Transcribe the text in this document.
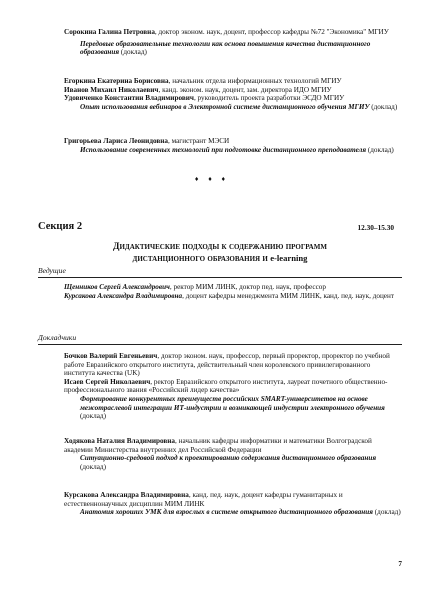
Сорокина Галина Петровна, доктор эконом. наук, доцент, профессор кафедры №72 "Экономика" МГИУ

Передовые образовательные технологии как основа повышения качества дистанционного образования (доклад)

Егоркина Екатерина Борисовна, начальник отдела информационных технологий МГИУ

Иванов Михаил Николаевич, канд. эконом. наук, доцент, зам. директора ИДО МГИУ

Удовиченко Константин Владимирович, руководитель проекта разработки ЭСДО МГИУ

Опыт использования вебинаров в Электронной системе дистанционного обучения МГИУ (доклад)

Григорьева Лариса Леонидовна, магистрант МЭСИ

Использование современных технологий при подготовке дистанционного преподавателя (доклад)

♦ ♦ ♦
Секция 2	12.30–15.30
Дидактические подходы к содержанию программ
дистанционного образования и e-learning
Ведущие

Щенников Сергей Александрович, ректор МИМ ЛИНК, доктор пед. наук, профессор

Курсакова Александра Владимировна, доцент кафедры менеджмента МИМ ЛИНК, канд. пед. наук, доцент

Докладчики

Бочков Валерий Евгеньевич, доктор эконом. наук, профессор, первый проректор, проректор по учебной работе Евразийского открытого института, действительный член королевского привилегированного института качества (UK)

Исаев Сергей Николаевич, ректор Евразийского открытого института, лауреат почетного общественно-профессионального звания «Российский лидер качества»

Формирование конкурентных преимуществ российских SMART-университетов на основе межотраслевой интеграции ИТ-индустрии и возникающей индустрии электронного обучения (доклад)

Ходякова Наталия Владимировна, начальник кафедры информатики и математики Волгоградской академии Министерства внутренних дел Российской Федерации

Ситуационно-средовой подход к проектированию содержания дистанционного образования (доклад)

Курсакова Александра Владимировна, канд. пед. наук, доцент кафедры гуманитарных и естественнонаучных дисциплин МИМ ЛИНК

Анатомия хороших УМК для взрослых в системе открытого дистанционного образования (доклад)

7
